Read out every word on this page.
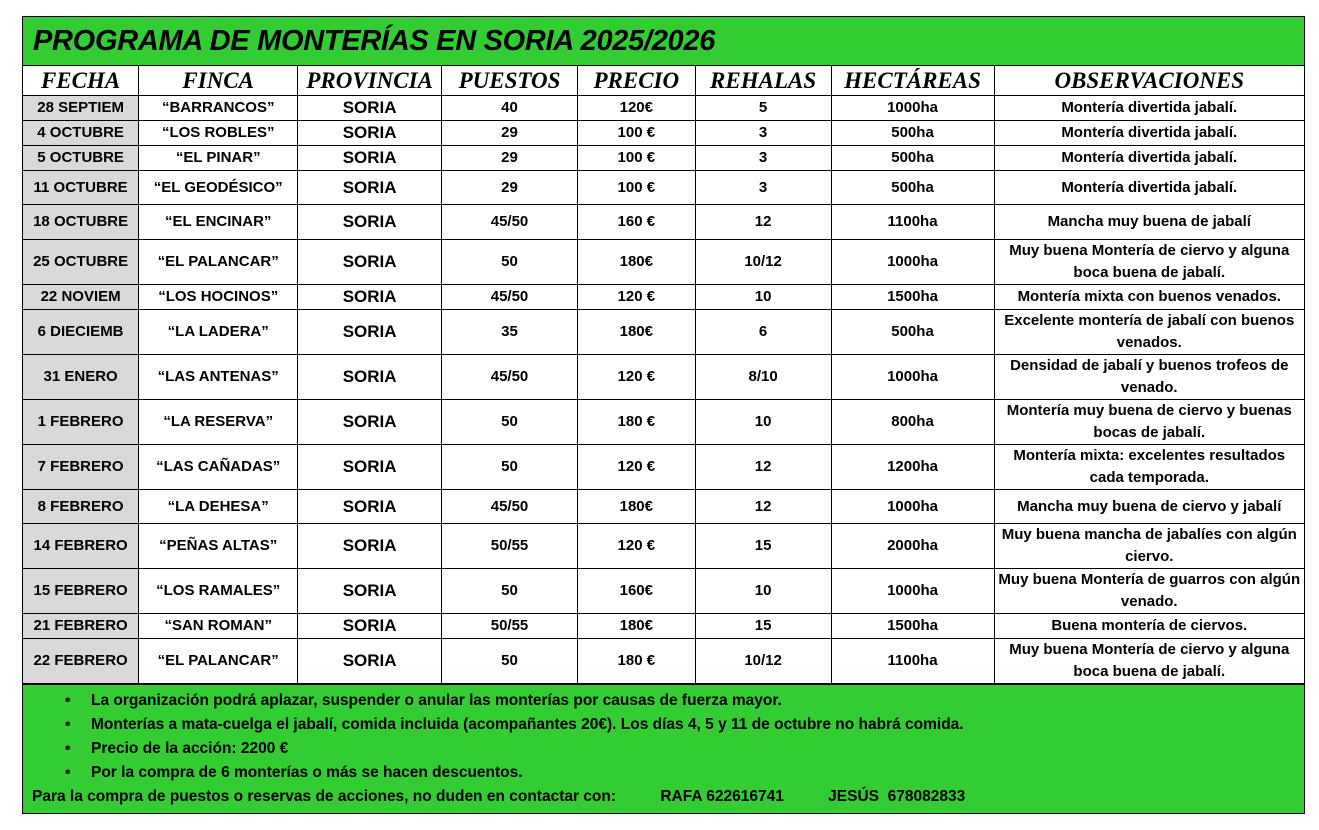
PROGRAMA DE MONTERÍAS EN SORIA 2025/2026
FECHA	FINCA	PROVINCIA	PUESTOS	PRECIO	REHALAS	HECTÁREAS	OBSERVACIONES
28 SEPTIEM	“BARRANCOS”	SORIA	40	120€	5	1000ha	Montería divertida jabalí.
4 OCTUBRE	“LOS ROBLES”	SORIA	29	100 €	3	500ha	Montería divertida jabalí.
5 OCTUBRE	“EL PINAR”	SORIA	29	100 €	3	500ha	Montería divertida jabalí.
11 OCTUBRE	“EL GEODÉSICO”	SORIA	29	100 €	3	500ha	Montería divertida jabalí.
18 OCTUBRE	“EL ENCINAR”	SORIA	45/50	160 €	12	1100ha	Mancha muy buena de jabalí
25 OCTUBRE	“EL PALANCAR”	SORIA	50	180€	10/12	1000ha	Muy buena Montería de ciervo y alguna boca buena de jabalí.
22 NOVIEM	“LOS HOCINOS”	SORIA	45/50	120 €	10	1500ha	Montería mixta con buenos venados.
6 DIECIEMB	“LA LADERA”	SORIA	35	180€	6	500ha	Excelente montería de jabalí con buenos venados.
31 ENERO	“LAS ANTENAS”	SORIA	45/50	120 €	8/10	1000ha	Densidad de jabalí y buenos trofeos de venado.
1 FEBRERO	“LA RESERVA”	SORIA	50	180 €	10	800ha	Montería muy buena de ciervo y buenas bocas de jabalí.
7 FEBRERO	“LAS CAÑADAS”	SORIA	50	120 €	12	1200ha	Montería mixta: excelentes resultados cada temporada.
8 FEBRERO	“LA DEHESA”	SORIA	45/50	180€	12	1000ha	Mancha muy buena de ciervo y jabalí
14 FEBRERO	“PEÑAS ALTAS”	SORIA	50/55	120 €	15	2000ha	Muy buena mancha de jabalíes con algún ciervo.
15 FEBRERO	“LOS RAMALES”	SORIA	50	160€	10	1000ha	Muy buena Montería de guarros con algún venado.
21 FEBRERO	“SAN ROMAN”	SORIA	50/55	180€	15	1500ha	Buena montería de ciervos.
22 FEBRERO	“EL PALANCAR”	SORIA	50	180 €	10/12	1100ha	Muy buena Montería de ciervo y alguna boca buena de jabalí.
• La organización podrá aplazar, suspender o anular las monterías por causas de fuerza mayor.
• Monterías a mata-cuelga el jabalí, comida incluida (acompañantes 20€). Los días 4, 5 y 11 de octubre no habrá comida.
• Precio de la acción: 2200 €
• Por la compra de 6 monterías o más se hacen descuentos.
Para la compra de puestos o reservas de acciones, no duden en contactar con:	RAFA 622616741	JESÚS  678082833
